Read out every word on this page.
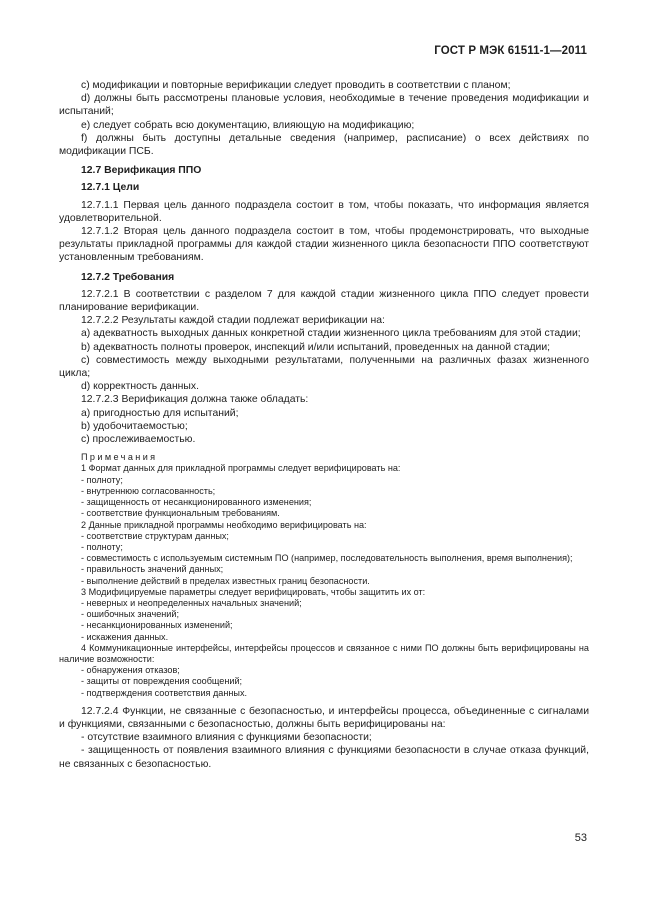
ГОСТ Р МЭК 61511-1—2011

c) модификации и повторные верификации следует проводить в соответствии с планом;

d) должны быть рассмотрены плановые условия, необходимые в течение проведения модификации и испытаний;

e) следует собрать всю документацию, влияющую на модификацию;

f) должны быть доступны детальные сведения (например, расписание) о всех действиях по модификации ПСБ.

12.7 Верификация ППО

12.7.1 Цели

12.7.1.1 Первая цель данного подраздела состоит в том, чтобы показать, что информация является удовлетворительной.

12.7.1.2 Вторая цель данного подраздела состоит в том, чтобы продемонстрировать, что выходные результаты прикладной программы для каждой стадии жизненного цикла безопасности ППО соответствуют установленным требованиям.

12.7.2 Требования

12.7.2.1 В соответствии с разделом 7 для каждой стадии жизненного цикла ППО следует провести планирование верификации.

12.7.2.2 Результаты каждой стадии подлежат верификации на:

a) адекватность выходных данных конкретной стадии жизненного цикла требованиям для этой стадии;

b) адекватность полноты проверок, инспекций и/или испытаний, проведенных на данной стадии;

c) совместимость между выходными результатами, полученными на различных фазах жизненного цикла;

d) корректность данных.

12.7.2.3 Верификация должна также обладать:

a) пригодностью для испытаний;

b) удобочитаемостью;

c) прослеживаемостью.

Примечания

1 Формат данных для прикладной программы следует верифицировать на:

- полноту;

- внутреннюю согласованность;

- защищенность от несанкционированного изменения;

- соответствие функциональным требованиям.

2 Данные прикладной программы необходимо верифицировать на:

- соответствие структурам данных;

- полноту;

- совместимость с используемым системным ПО (например, последовательность выполнения, время выполнения);

- правильность значений данных;

- выполнение действий в пределах известных границ безопасности.

3 Модифицируемые параметры следует верифицировать, чтобы защитить их от:

- неверных и неопределенных начальных значений;

- ошибочных значений;

- несанкционированных изменений;

- искажения данных.

4 Коммуникационные интерфейсы, интерфейсы процессов и связанное с ними ПО должны быть верифицированы на наличие возможности:

- обнаружения отказов;

- защиты от повреждения сообщений;

- подтверждения соответствия данных.

12.7.2.4 Функции, не связанные с безопасностью, и интерфейсы процесса, объединенные с сигналами и функциями, связанными с безопасностью, должны быть верифицированы на:

- отсутствие взаимного влияния с функциями безопасности;

- защищенность от появления взаимного влияния с функциями безопасности в случае отказа функций, не связанных с безопасностью.

53
